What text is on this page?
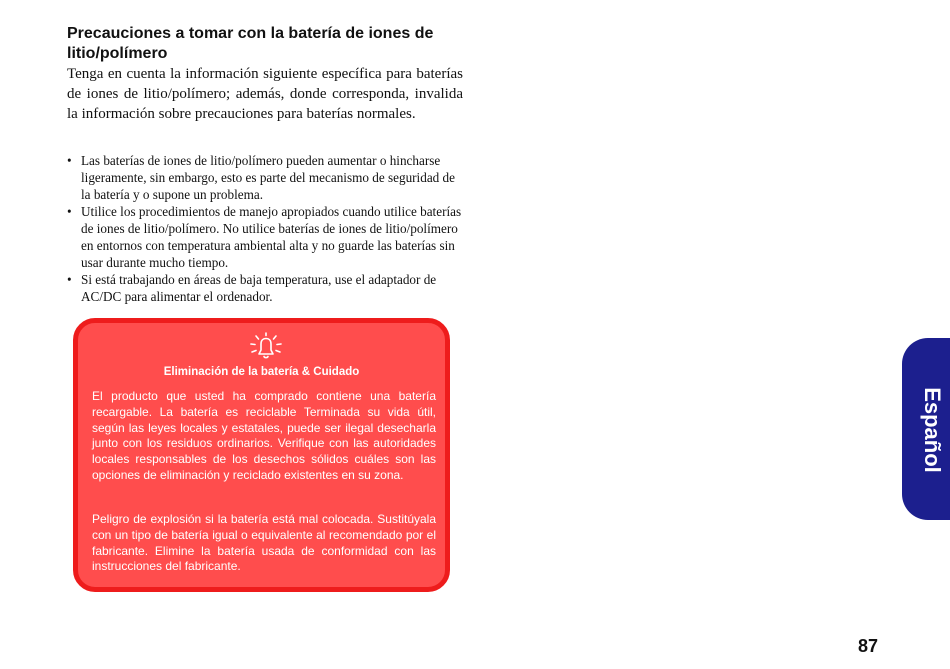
Precauciones a tomar con la batería de iones de litio/polímero
Tenga en cuenta la información siguiente específica para baterías de iones de litio/polímero; además, donde corresponda, invalida la información sobre precauciones para baterías normales.
• Las baterías de iones de litio/polímero pueden aumentar o hincharse ligeramente, sin embargo, esto es parte del mecanismo de seguridad de la batería y o supone un problema.
• Utilice los procedimientos de manejo apropiados cuando utilice baterías de iones de litio/polímero. No utilice baterías de iones de litio/polímero en entornos con temperatura ambiental alta y no guarde las baterías sin usar durante mucho tiempo.
• Si está trabajando en áreas de baja temperatura, use el adaptador de AC/DC para alimentar el ordenador.
Eliminación de la batería & Cuidado

El producto que usted ha comprado contiene una batería recargable. La batería es reciclable Terminada su vida útil, según las leyes locales y estatales, puede ser ilegal desecharla junto con los residuos ordinarios. Verifique con las autoridades locales responsables de los desechos sólidos cuáles son las opciones de eliminación y reciclado existentes en su zona.

Peligro de explosión si la batería está mal colocada. Sustitúyala con un tipo de batería igual o equivalente al recomendado por el fabricante. Elimine la batería usada de conformidad con las instrucciones del fabricante.

Español
87
